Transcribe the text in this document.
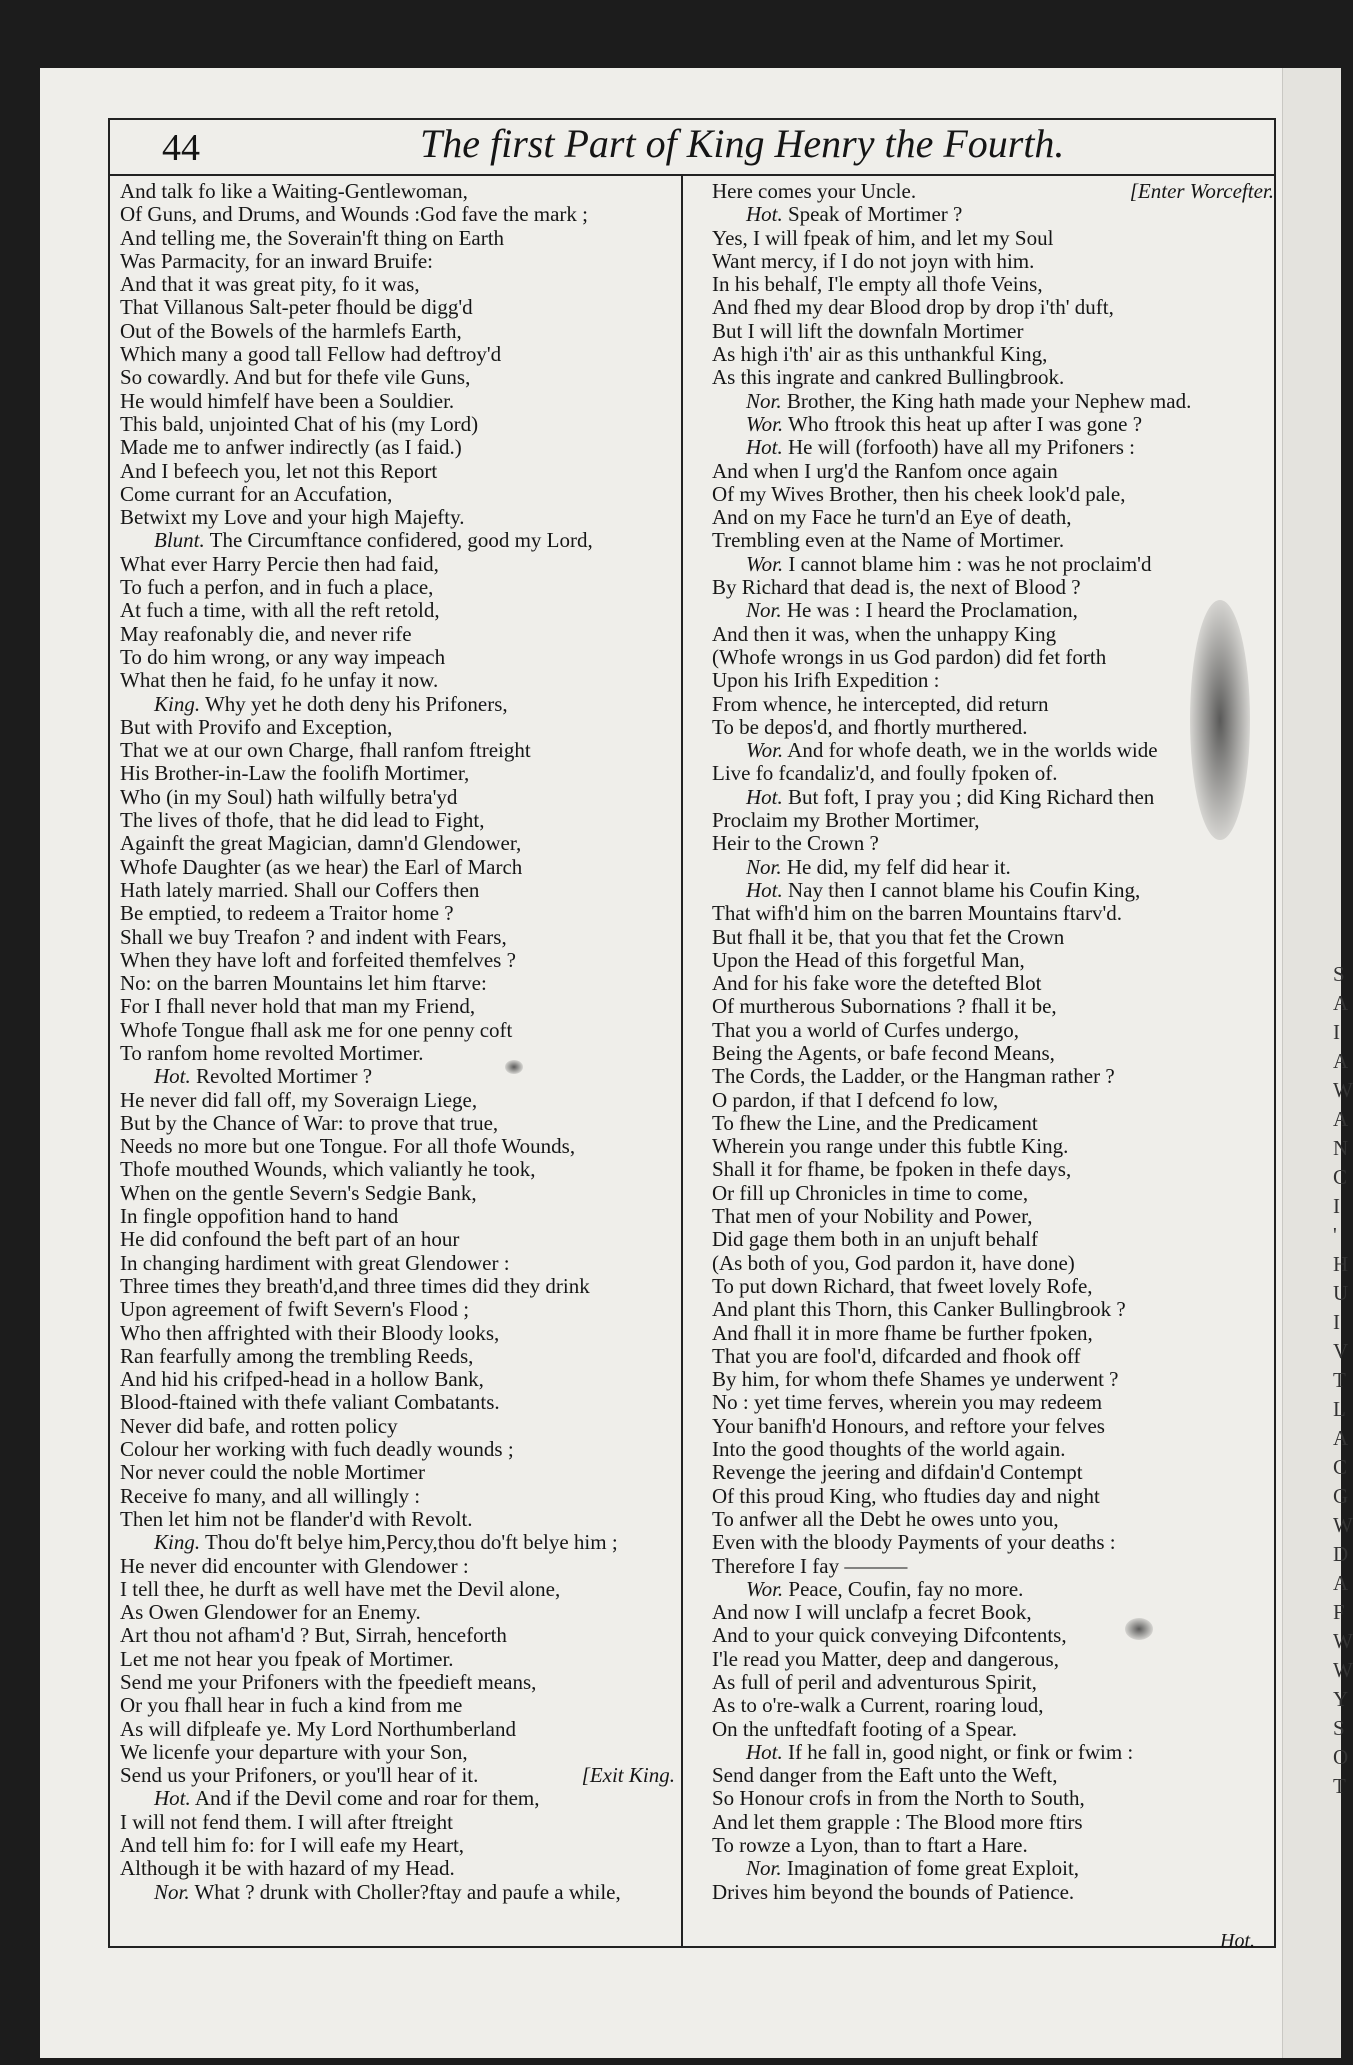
S
A
I
A
W
A
N
C
I
'
H
U
I
V
T
L
A
C
G
W
D
A
F
W
W
Y
S
O
T
44	The first Part of King Henry the Fourth.
And talk fo like a Waiting-Gentlewoman,
Of Guns, and Drums, and Wounds :God fave the mark ;
And telling me, the Soverain'ft thing on Earth
Was Parmacity, for an inward Bruife:
And that it was great pity, fo it was,
That Villanous Salt-peter fhould be digg'd
Out of the Bowels of the harmlefs Earth,
Which many a good tall Fellow had deftroy'd
So cowardly. And but for thefe vile Guns,
He would himfelf have been a Souldier.
This bald, unjointed Chat of his (my Lord)
Made me to anfwer indirectly (as I faid.)
And I befeech you, let not this Report
Come currant for an Accufation,
Betwixt my Love and your high Majefty.
Blunt. The Circumftance confidered, good my Lord,
What ever Harry Percie then had faid,
To fuch a perfon, and in fuch a place,
At fuch a time, with all the reft retold,
May reafonably die, and never rife
To do him wrong, or any way impeach
What then he faid, fo he unfay it now.
King. Why yet he doth deny his Prifoners,
But with Provifo and Exception,
That we at our own Charge, fhall ranfom ftreight
His Brother-in-Law the foolifh Mortimer,
Who (in my Soul) hath wilfully betra'yd
The lives of thofe, that he did lead to Fight,
Againft the great Magician, damn'd Glendower,
Whofe Daughter (as we hear) the Earl of March
Hath lately married. Shall our Coffers then
Be emptied, to redeem a Traitor home ?
Shall we buy Treafon ? and indent with Fears,
When they have loft and forfeited themfelves ?
No: on the barren Mountains let him ftarve:
For I fhall never hold that man my Friend,
Whofe Tongue fhall ask me for one penny coft
To ranfom home revolted Mortimer.
Hot. Revolted Mortimer ?
He never did fall off, my Soveraign Liege,
But by the Chance of War: to prove that true,
Needs no more but one Tongue. For all thofe Wounds,
Thofe mouthed Wounds, which valiantly he took,
When on the gentle Severn's Sedgie Bank,
In fingle oppofition hand to hand
He did confound the beft part of an hour
In changing hardiment with great Glendower :
Three times they breath'd,and three times did they drink
Upon agreement of fwift Severn's Flood ;
Who then affrighted with their Bloody looks,
Ran fearfully among the trembling Reeds,
And hid his crifped-head in a hollow Bank,
Blood-ftained with thefe valiant Combatants.
Never did bafe, and rotten policy
Colour her working with fuch deadly wounds ;
Nor never could the noble Mortimer
Receive fo many, and all willingly :
Then let him not be flander'd with Revolt.
King. Thou do'ft belye him,Percy,thou do'ft belye him ;
He never did encounter with Glendower :
I tell thee, he durft as well have met the Devil alone,
As Owen Glendower for an Enemy.
Art thou not afham'd ? But, Sirrah, henceforth
Let me not hear you fpeak of Mortimer.
Send me your Prifoners with the fpeedieft means,
Or you fhall hear in fuch a kind from me
As will difpleafe ye. My Lord Northumberland
We licenfe your departure with your Son,
Send us your Prifoners, or you'll hear of it.	[Exit King.
Hot. And if the Devil come and roar for them,
I will not fend them. I will after ftreight
And tell him fo: for I will eafe my Heart,
Although it be with hazard of my Head.
Nor. What ? drunk with Choller?ftay and paufe a while,
Here comes your Uncle.	[Enter Worcefter.
Hot. Speak of Mortimer ?
Yes, I will fpeak of him, and let my Soul
Want mercy, if I do not joyn with him.
In his behalf, I'le empty all thofe Veins,
And fhed my dear Blood drop by drop i'th' duft,
But I will lift the downfaln Mortimer
As high i'th' air as this unthankful King,
As this ingrate and cankred Bullingbrook.
Nor. Brother, the King hath made your Nephew mad.
Wor. Who ftrook this heat up after I was gone ?
Hot. He will (forfooth) have all my Prifoners :
And when I urg'd the Ranfom once again
Of my Wives Brother, then his cheek look'd pale,
And on my Face he turn'd an Eye of death,
Trembling even at the Name of Mortimer.
Wor. I cannot blame him : was he not proclaim'd
By Richard that dead is, the next of Blood ?
Nor. He was : I heard the Proclamation,
And then it was, when the unhappy King
(Whofe wrongs in us God pardon) did fet forth
Upon his Irifh Expedition :
From whence, he intercepted, did return
To be depos'd, and fhortly murthered.
Wor. And for whofe death, we in the worlds wide
Live fo fcandaliz'd, and foully fpoken of.
Hot. But foft, I pray you ; did King Richard then
Proclaim my Brother Mortimer,
Heir to the Crown ?
Nor. He did, my felf did hear it.
Hot. Nay then I cannot blame his Coufin King,
That wifh'd him on the barren Mountains ftarv'd.
But fhall it be, that you that fet the Crown
Upon the Head of this forgetful Man,
And for his fake wore the detefted Blot
Of murtherous Subornations ? fhall it be,
That you a world of Curfes undergo,
Being the Agents, or bafe fecond Means,
The Cords, the Ladder, or the Hangman rather ?
O pardon, if that I defcend fo low,
To fhew the Line, and the Predicament
Wherein you range under this fubtle King.
Shall it for fhame, be fpoken in thefe days,
Or fill up Chronicles in time to come,
That men of your Nobility and Power,
Did gage them both in an unjuft behalf
(As both of you, God pardon it, have done)
To put down Richard, that fweet lovely Rofe,
And plant this Thorn, this Canker Bullingbrook ?
And fhall it in more fhame be further fpoken,
That you are fool'd, difcarded and fhook off
By him, for whom thefe Shames ye underwent ?
No : yet time ferves, wherein you may redeem
Your banifh'd Honours, and reftore your felves
Into the good thoughts of the world again.
Revenge the jeering and difdain'd Contempt
Of this proud King, who ftudies day and night
To anfwer all the Debt he owes unto you,
Even with the bloody Payments of your deaths :
Therefore I fay ———
Wor. Peace, Coufin, fay no more.
And now I will unclafp a fecret Book,
And to your quick conveying Difcontents,
I'le read you Matter, deep and dangerous,
As full of peril and adventurous Spirit,
As to o're-walk a Current, roaring loud,
On the unftedfaft footing of a Spear.
Hot. If he fall in, good night, or fink or fwim :
Send danger from the Eaft unto the Weft,
So Honour crofs in from the North to South,
And let them grapple : The Blood more ftirs
To rowze a Lyon, than to ftart a Hare.
Nor. Imagination of fome great Exploit,
Drives him beyond the bounds of Patience.
Hot.
